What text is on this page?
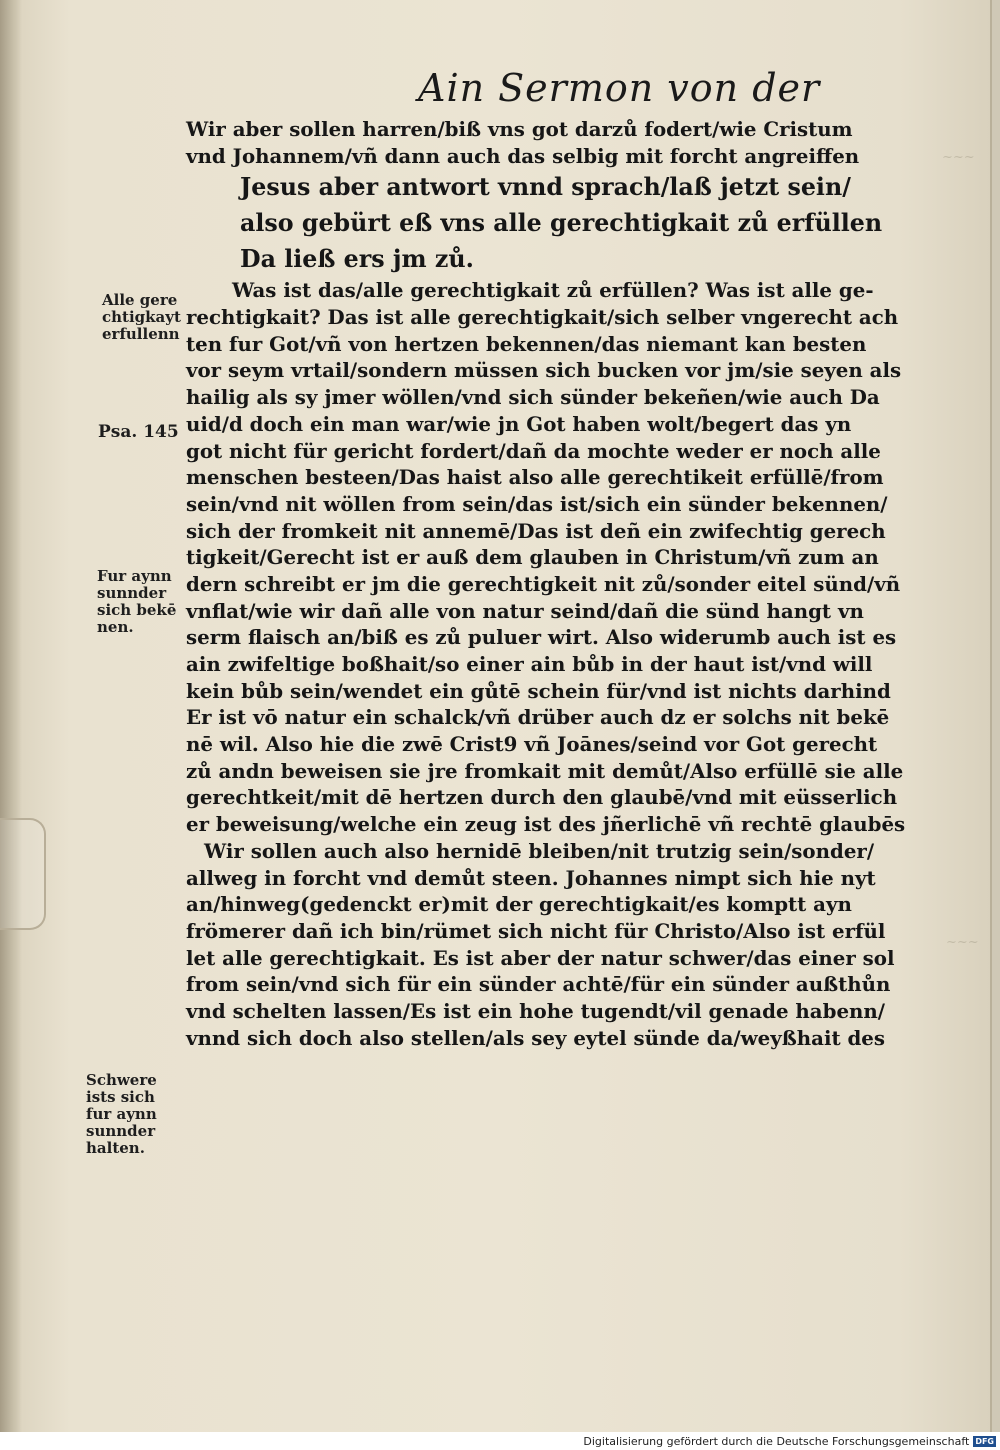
~~~
~~~
Ain Sermon von der
Wir aber sollen harren/biß vns got darzů fodert/wie Cristum
vnd Johannem/vñ dann auch das selbig mit forcht angreiffen
Jesus aber antwort vnnd sprach/laß jetzt sein/
also gebürt eß vns alle gerechtigkait zů erfüllen
Da ließ ers jm zů.
Was ist das/alle gerechtigkait zů erfüllen? Was ist alle ge-
rechtigkait? Das ist alle gerechtigkait/sich selber vngerecht ach
ten fur Got/vñ von hertzen bekennen/das niemant kan besten
vor seym vrtail/sondern müssen sich bucken vor jm/sie seyen als
hailig als sy jmer wöllen/vnd sich sünder bekeñen/wie auch Da
uid/d doch ein man war/wie jn Got haben wolt/begert das yn
got nicht für gericht fordert/dañ da mochte weder er noch alle
menschen besteen/Das haist also alle gerechtikeit erfüllē/from
sein/vnd nit wöllen from sein/das ist/sich ein sünder bekennen/
sich der fromkeit nit annemē/Das ist deñ ein zwifechtig gerech
tigkeit/Gerecht ist er auß dem glauben in Christum/vñ zum an
dern schreibt er jm die gerechtigkeit nit zů/sonder eitel sünd/vñ
vnflat/wie wir dañ alle von natur seind/dañ die sünd hangt vn
serm flaisch an/biß es zů puluer wirt. Also widerumb auch ist es
ain zwifeltige boßhait/so einer ain bůb in der haut ist/vnd will
kein bůb sein/wendet ein gůtē schein für/vnd ist nichts darhind
Er ist vō natur ein schalck/vñ drüber auch dz er solchs nit bekē
nē wil. Also hie die zwē Crist9 vñ Joānes/seind vor Got gerecht
zů andn beweisen sie jre fromkait mit demůt/Also erfüllē sie alle
gerechtkeit/mit dē hertzen durch den glaubē/vnd mit eüsserlich
er beweisung/welche ein zeug ist des jñerlichē vñ rechtē glaubēs
Wir sollen auch also hernidē bleiben/nit trutzig sein/sonder/
allweg in forcht vnd demůt steen. Johannes nimpt sich hie nyt
an/hinweg(gedenckt er)mit der gerechtigkait/es komptt ayn
frömerer dañ ich bin/rümet sich nicht für Christo/Also ist erfül
let alle gerechtigkait. Es ist aber der natur schwer/das einer sol
from sein/vnd sich für ein sünder achtē/für ein sünder außthůn
vnd schelten lassen/Es ist ein hohe tugendt/vil genade habenn/
vnnd sich doch also stellen/als sey eytel sünde da/weyßhait des
Alle gere
chtigkayt
erfullenn
Psa. 145
Fur aynn
sunnder
sich bekē
nen.
Schwere
ists sich
fur aynn
sunnder
halten.
Digitalisierung gefördert durch die Deutsche Forschungsgemeinschaft DFG
